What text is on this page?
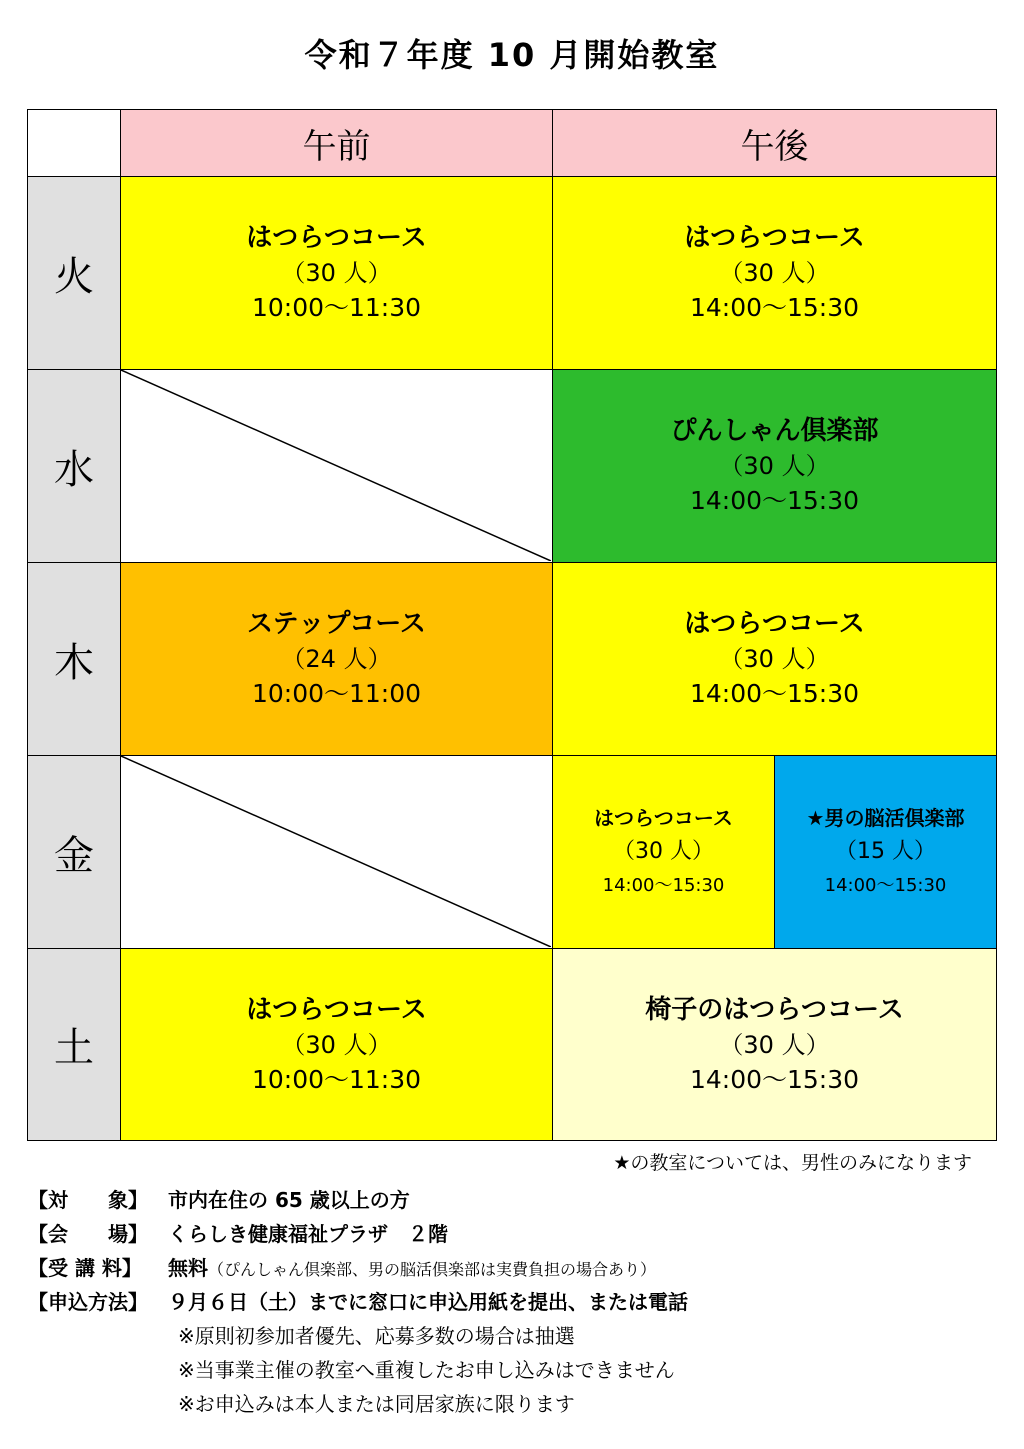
令和７年度 10 月開始教室
午前	午後
火
水
木
金
土
はつらつコース
（30 人）
10:00～11:30
はつらつコース
（30 人）
14:00～15:30
ぴんしゃん倶楽部
（30 人）
14:00～15:30
ステップコース
（24 人）
10:00～11:00
はつらつコース
（30 人）
14:00～15:30
はつらつコース
（30 人）
14:00～15:30
★男の脳活倶楽部
（15 人）
14:00～15:30
はつらつコース
（30 人）
10:00～11:30
椅子のはつらつコース
（30 人）
14:00～15:30
★の教室については、男性のみになります
【対　　象】 市内在住の 65 歳以上の方
【会　　場】 くらしき健康福祉プラザ　２階
【受 講 料】 無料（ぴんしゃん倶楽部、男の脳活倶楽部は実費負担の場合あり）
【申込方法】 ９月６日（土）までに窓口に申込用紙を提出、または電話
※原則初参加者優先、応募多数の場合は抽選
※当事業主催の教室へ重複したお申し込みはできません
※お申込みは本人または同居家族に限ります
